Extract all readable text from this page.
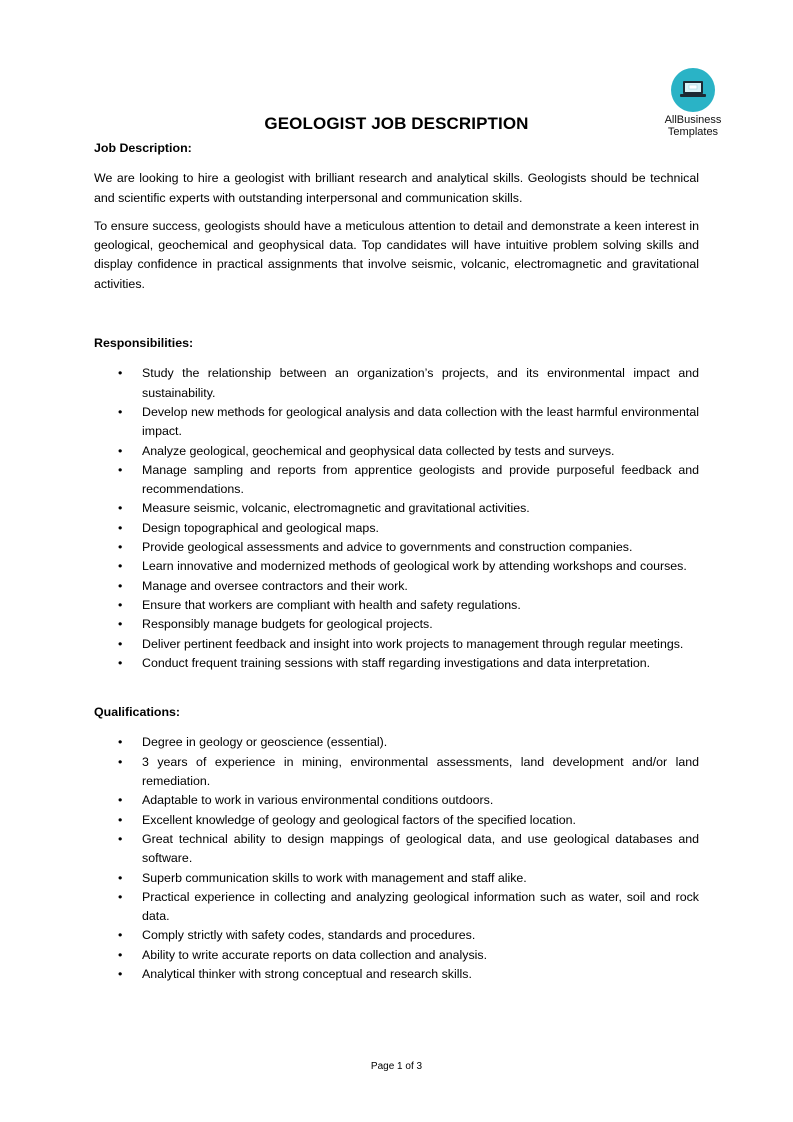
AllBusiness
Templates
GEOLOGIST JOB DESCRIPTION

Job Description:

We are looking to hire a geologist with brilliant research and analytical skills. Geologists should be technical and scientific experts with outstanding interpersonal and communication skills.

To ensure success, geologists should have a meticulous attention to detail and demonstrate a keen interest in geological, geochemical and geophysical data. Top candidates will have intuitive problem solving skills and display confidence in practical assignments that involve seismic, volcanic, electromagnetic and gravitational activities.

Responsibilities:

• Study the relationship between an organization’s projects, and its environmental impact and sustainability.
• Develop new methods for geological analysis and data collection with the least harmful environmental impact.
• Analyze geological, geochemical and geophysical data collected by tests and surveys.
• Manage sampling and reports from apprentice geologists and provide purposeful feedback and recommendations.
• Measure seismic, volcanic, electromagnetic and gravitational activities.
• Design topographical and geological maps.
• Provide geological assessments and advice to governments and construction companies.
• Learn innovative and modernized methods of geological work by attending workshops and courses.
• Manage and oversee contractors and their work.
• Ensure that workers are compliant with health and safety regulations.
• Responsibly manage budgets for geological projects.
• Deliver pertinent feedback and insight into work projects to management through regular meetings.
• Conduct frequent training sessions with staff regarding investigations and data interpretation.

Qualifications:

• Degree in geology or geoscience (essential).
• 3 years of experience in mining, environmental assessments, land development and/or land remediation.
• Adaptable to work in various environmental conditions outdoors.
• Excellent knowledge of geology and geological factors of the specified location.
• Great technical ability to design mappings of geological data, and use geological databases and software.
• Superb communication skills to work with management and staff alike.
• Practical experience in collecting and analyzing geological information such as water, soil and rock data.
• Comply strictly with safety codes, standards and procedures.
• Ability to write accurate reports on data collection and analysis.
• Analytical thinker with strong conceptual and research skills.
Page 1 of 3
